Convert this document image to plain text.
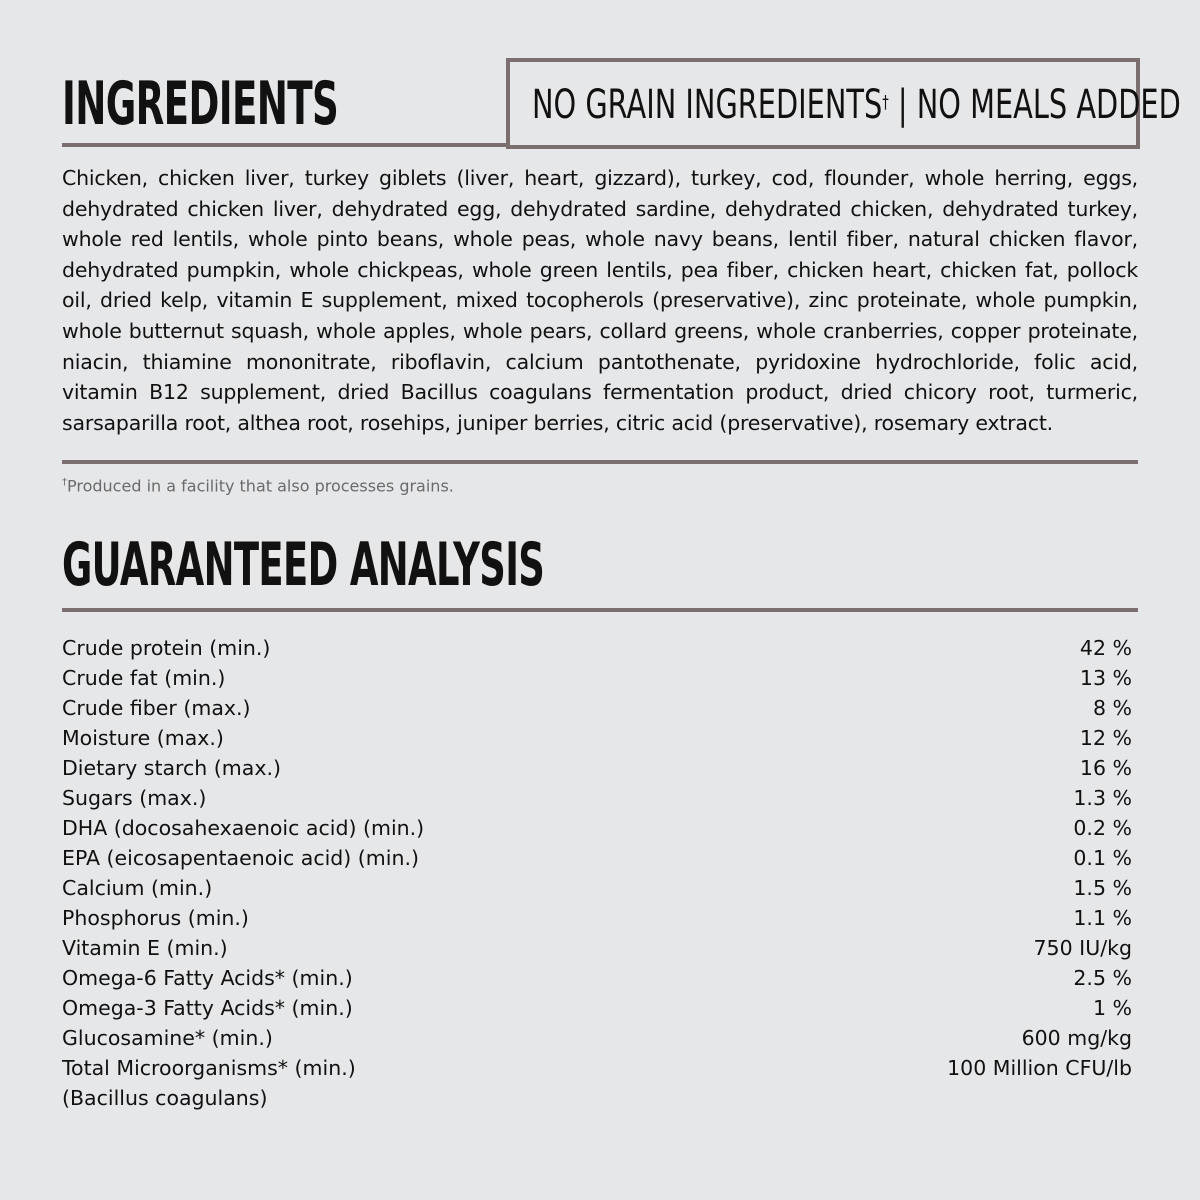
INGREDIENTS	NO GRAIN INGREDIENTS† | NO MEALS ADDED

Chicken, chicken liver, turkey giblets (liver, heart, gizzard), turkey, cod, flounder, whole herring, eggs, dehydrated chicken liver, dehydrated egg, dehydrated sardine, dehydrated chicken, dehydrated turkey, whole red lentils, whole pinto beans, whole peas, whole navy beans, lentil fiber, natural chicken flavor, dehydrated pumpkin, whole chickpeas, whole green lentils, pea fiber, chicken heart, chicken fat, pollock oil, dried kelp, vitamin E supplement, mixed tocopherols (preservative), zinc proteinate, whole pumpkin, whole butternut squash, whole apples, whole pears, collard greens, whole cranberries, copper proteinate, niacin, thiamine mononitrate, riboflavin, calcium pantothenate, pyridoxine hydrochloride, folic acid, vitamin B12 supplement, dried Bacillus coagulans fermentation product, dried chicory root, turmeric, sarsaparilla root, althea root, rosehips, juniper berries, citric acid (preservative), rosemary extract.

†Produced in a facility that also processes grains.

GUARANTEED ANALYSIS
Crude protein (min.)	42 %
Crude fat (min.)	13 %
Crude fiber (max.)	8 %
Moisture (max.)	12 %
Dietary starch (max.)	16 %
Sugars (max.)	1.3 %
DHA (docosahexaenoic acid) (min.)	0.2 %
EPA (eicosapentaenoic acid) (min.)	0.1 %
Calcium (min.)	1.5 %
Phosphorus (min.)	1.1 %
Vitamin E (min.)	750 IU/kg
Omega-6 Fatty Acids* (min.)	2.5 %
Omega-3 Fatty Acids* (min.)	1 %
Glucosamine* (min.)	600 mg/kg
Total Microorganisms* (min.)	100 Million CFU/lb
(Bacillus coagulans)
